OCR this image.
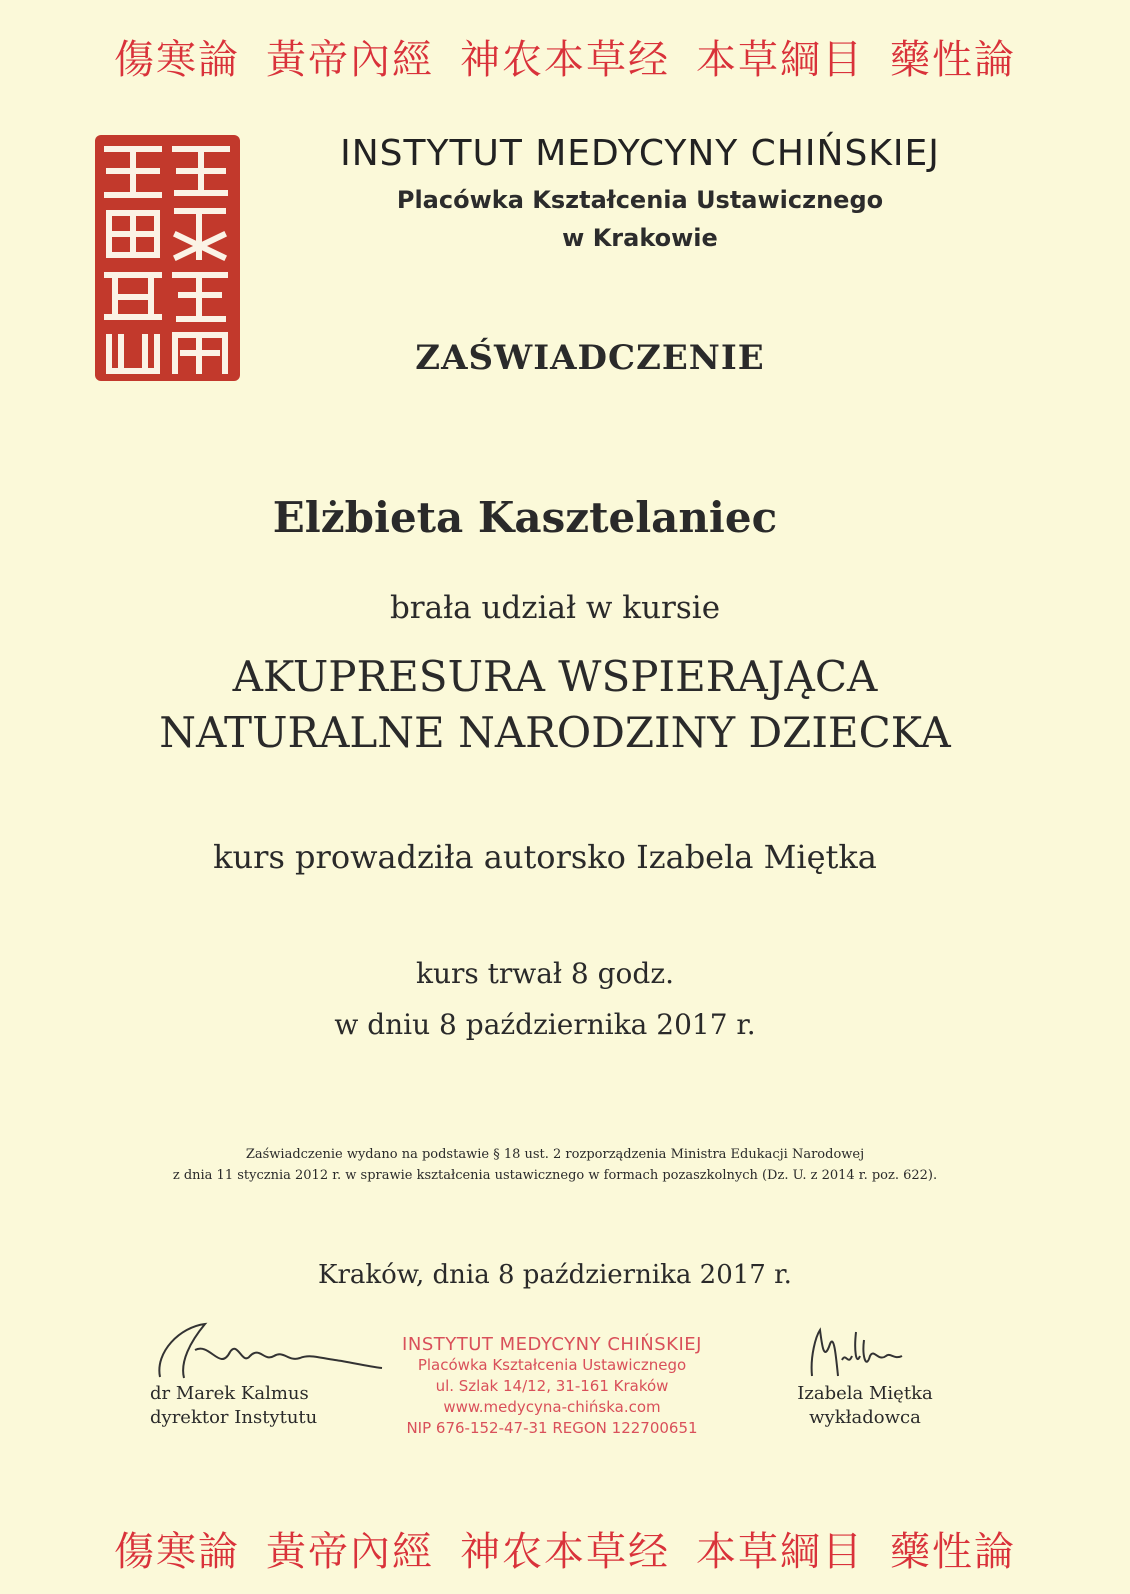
傷寒論 黃帝內經 神农本草经 本草綱目 藥性論
INSTYTUT MEDYCYNY CHIŃSKIEJ
Placówka Kształcenia Ustawicznego
w Krakowie
ZAŚWIADCZENIE
Elżbieta Kasztelaniec
brała udział w kursie
AKUPRESURA WSPIERAJĄCA
NATURALNE NARODZINY DZIECKA
kurs prowadziła autorsko Izabela Miętka
kurs trwał 8 godz.
w dniu 8 października 2017 r.
Zaświadczenie wydano na podstawie § 18 ust. 2 rozporządzenia Ministra Edukacji Narodowej
z dnia 11 stycznia 2012 r. w sprawie kształcenia ustawicznego w formach pozaszkolnych (Dz. U. z 2014 r. poz. 622).
Kraków, dnia 8 października 2017 r.
dr Marek Kalmus
dyrektor Instytutu
INSTYTUT MEDYCYNY CHIŃSKIEJ
Placówka Kształcenia Ustawicznego
ul. Szlak 14/12, 31-161 Kraków
www.medycyna-chińska.com
NIP 676-152-47-31 REGON 122700651
Izabela Miętka
wykładowca
傷寒論 黃帝內經 神农本草经 本草綱目 藥性論
